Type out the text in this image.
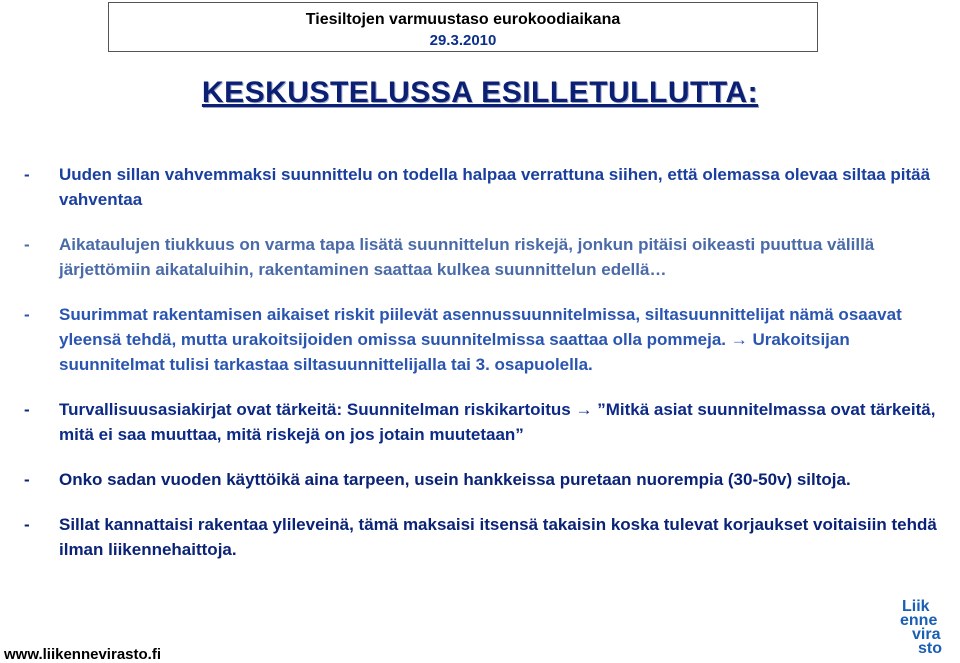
Tiesiltojen varmuustaso eurokoodiaikana
29.3.2010
KESKUSTELUSSA ESILLETULLUTTA:

- Uuden sillan vahvemmaksi suunnittelu on todella halpaa verrattuna siihen, että olemassa olevaa siltaa pitää vahventaa

- Aikataulujen tiukkuus on varma tapa lisätä suunnittelun riskejä, jonkun pitäisi oikeasti puuttua välillä järjettömiin aikataluihin, rakentaminen saattaa kulkea suunnittelun edellä…

- Suurimmat rakentamisen aikaiset riskit piilevät asennussuunnitelmissa, siltasuunnittelijat nämä osaavat yleensä tehdä, mutta urakoitsijoiden omissa suunnitelmissa saattaa olla pommeja. → Urakoitsijan suunnitelmat tulisi tarkastaa siltasuunnittelijalla tai 3. osapuolella.

- Turvallisuusasiakirjat ovat tärkeitä: Suunnitelman riskikartoitus → ”Mitkä asiat suunnitelmassa ovat tärkeitä, mitä ei saa muuttaa, mitä riskejä on jos jotain muutetaan”

- Onko sadan vuoden käyttöikä aina tarpeen, usein hankkeissa puretaan nuorempia (30-50v) siltoja.

- Sillat kannattaisi rakentaa ylileveinä, tämä maksaisi itsensä takaisin koska tulevat korjaukset voitaisiin tehdä ilman liikennehaittoja.

www.liikennevirasto.fi
Liik
enne
vira
sto
